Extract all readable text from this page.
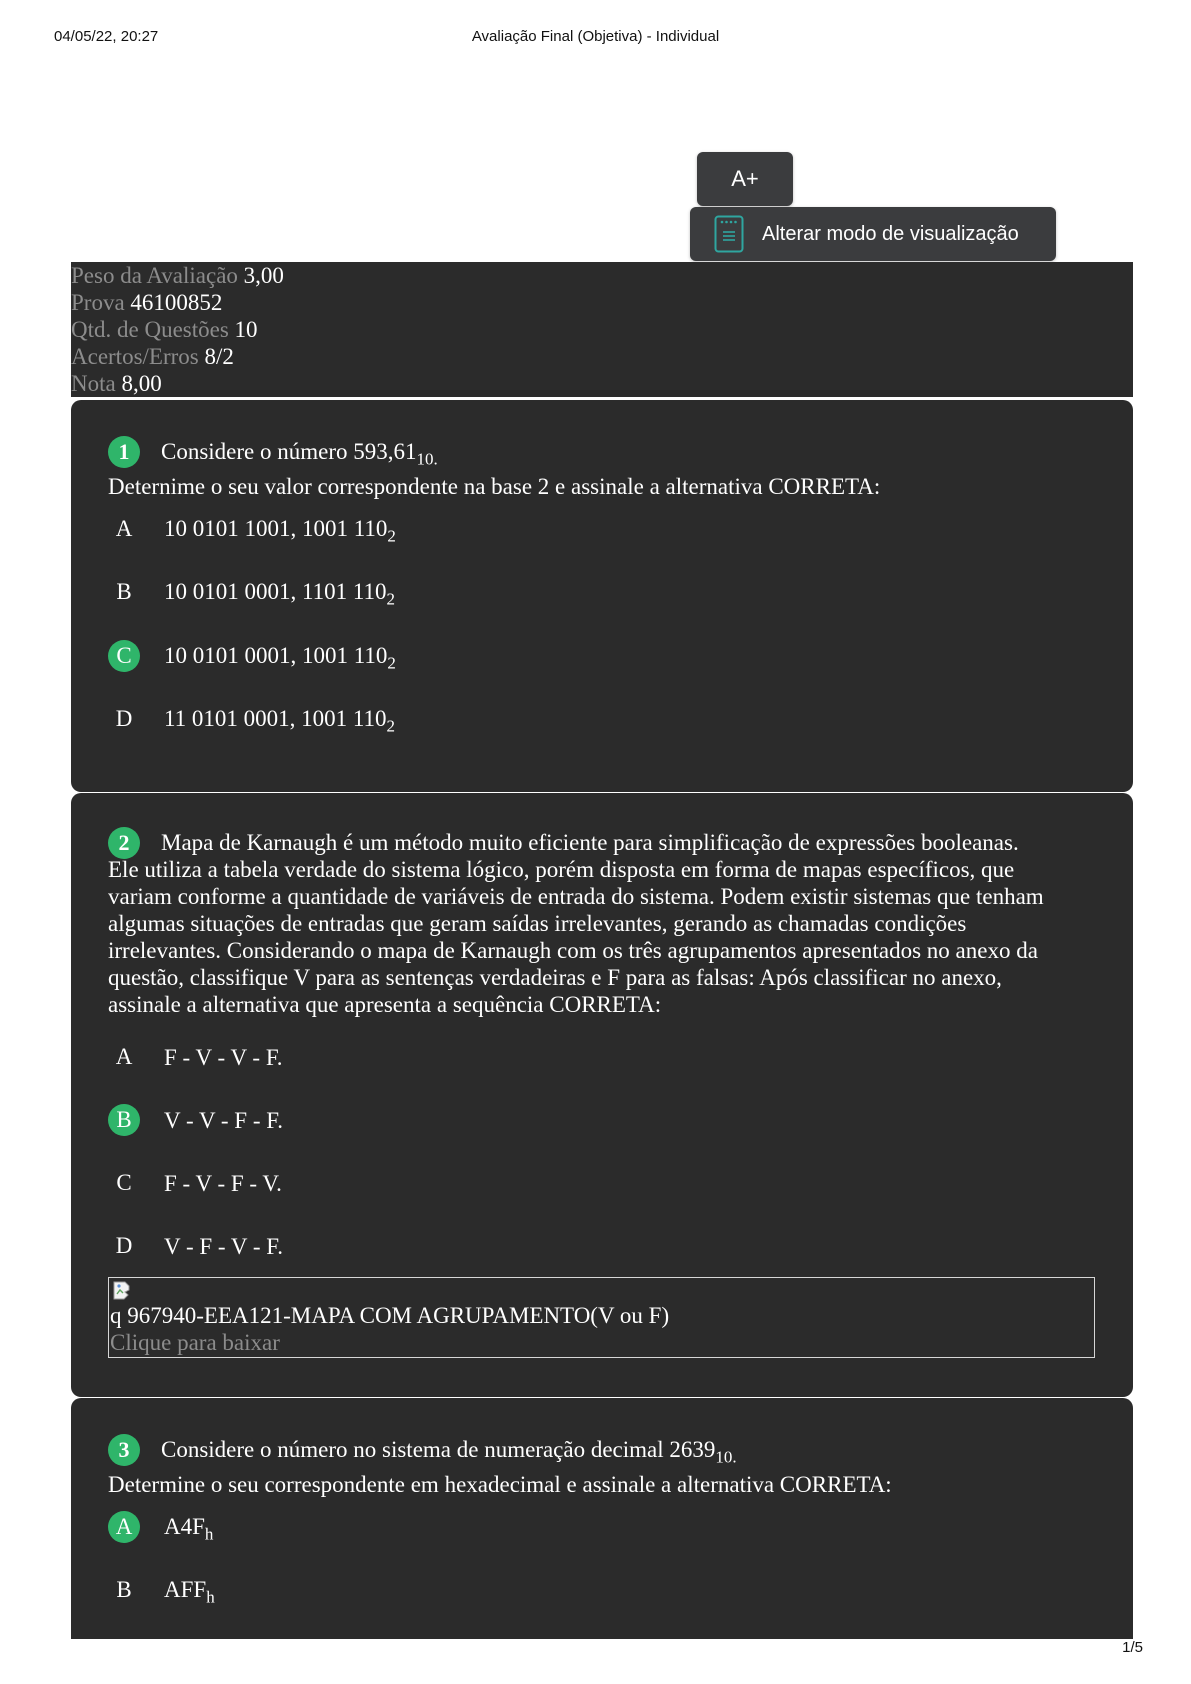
04/05/22, 20:27	Avaliação Final (Objetiva) - Individual
A+
Alterar modo de visualização
Peso da Avaliação 3,00
Prova 46100852
Qtd. de Questões 10
Acertos/Erros 8/2
Nota 8,00
1	Considere o número $593,61_{10.}$
Deternime o seu valor correspondente na base 2 e assinale a alternativa CORRETA:
A	10 0101 1001, 1001 $110_2$
B	10 0101 0001, 1101 $110_2$
C	10 0101 0001, 1001 $110_2$
D	11 0101 0001, 1001 $110_2$
2	Mapa de Karnaugh é um método muito eficiente para simplificação de expressões booleanas.
Ele utiliza a tabela verdade do sistema lógico, porém disposta em forma de mapas específicos, que
variam conforme a quantidade de variáveis de entrada do sistema. Podem existir sistemas que tenham
algumas situações de entradas que geram saídas irrelevantes, gerando as chamadas condições
irrelevantes. Considerando o mapa de Karnaugh com os três agrupamentos apresentados no anexo da
questão, classifique V para as sentenças verdadeiras e F para as falsas: Após classificar no anexo,
assinale a alternativa que apresenta a sequência CORRETA:
A	F - V - V - F.
B	V - V - F - F.
C	F - V - F - V.
D	V - F - V - F.
q 967940-EEA121-MAPA COM AGRUPAMENTO(V ou F)
Clique para baixar
3	Considere o número no sistema de numeração decimal $2639_{10.}$
Determine o seu correspondente em hexadecimal e assinale a alternativa CORRETA:
A	$A4F_h$
B	$AFF_h$
1/5
